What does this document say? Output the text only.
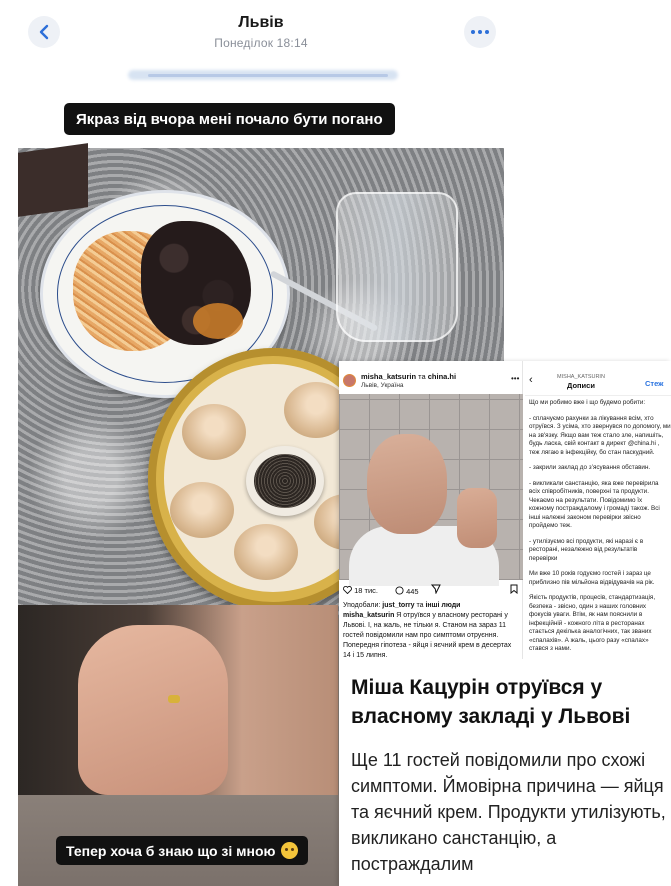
Львів
Понеділок 18:14
Якраз від вчора мені почало бути погано
Тепер хоча б знаю що зі мною
misha_katsurin та china.hi
Львів, Україна
•••
18 тис.	445
Уподобали: just_torry та інші люди
misha_katsurin Я отруївся у власному ресторані у Львові. І, на жаль, не тільки я. Станом на зараз 11 гостей повідомили нам про симптоми отруєння. Попередня гіпотеза - яйця і яєчний крем в десертах 14 і 15 липня.
‹	MISHA_KATSURIN
Дописи	Стеж

Що ми робимо вже і що будемо робити:

- сплачуємо рахунки за лікування всім, хто
отруївся. З усіма, хто звернувся по допомогу, ми
на зв'язку. Якщо вам теж стало зле, напишіть,
будь ласка, свій контакт в директ @china.hi ,
теж лягаю в інфекційку, бо стан паскудний.

- закрили заклад до зʼясування обставин.

- викликали санстанцію, яка вже перевірила
всіх співробітників, поверхні та продукти.
Чекаємо на результати. Повідомимо їх
кожному постраждалому і громаді також. Всі
інші належні законом перевірки звісно
пройдемо теж.

- утилізуємо всі продукти, які наразі є в
ресторані, незалежно від результатів
перевірки

Ми вже 10 років годуємо гостей і зараз це
приблизно пів мільйона відвідувачів на рік.

Якість продуктів, процесів, стандартизація,
безпека - звісно, один з наших головних
фокусів уваги. Втім, як нам пояснили в
інфекційній - кожного літа в ресторанах
стається декілька аналогічних, так званих
«спалахів». А жаль, цього разу «спалах»
стався з нами.

Міша Кацурін отруївся у власному закладі у Львові
Ще 11 гостей повідомили про схожі симптоми. Ймовірна причина — яйця та яєчний крем. Продукти утилізують, викликано санстанцію, а постраждалим
